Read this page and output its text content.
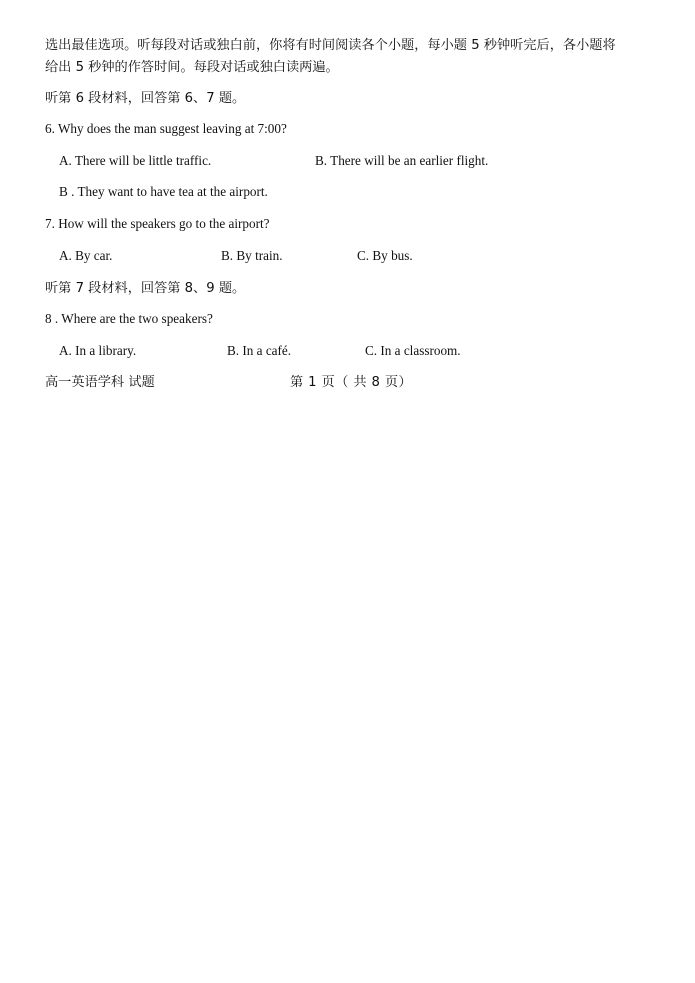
选出最佳选项。听每段对话或独白前，你将有时间阅读各个小题，每小题 5 秒钟听完后，各小题将
给出 5 秒钟的作答时间。每段对话或独白读两遍。
听第 6 段材料，回答第 6、7 题。
6. Why does the man suggest leaving at 7:00?
A. There will be little traffic.	B. There will be an earlier flight.
B . They want to have tea at the airport.
7. How will the speakers go to the airport?
A. By car.	B. By train.	C. By bus.
听第 7 段材料，回答第 8、9 题。
8 . Where are the two speakers?
A. In a library.	B. In a café.	C. In a classroom.
高一英语学科 试题	第 1 页（ 共 8 页）
